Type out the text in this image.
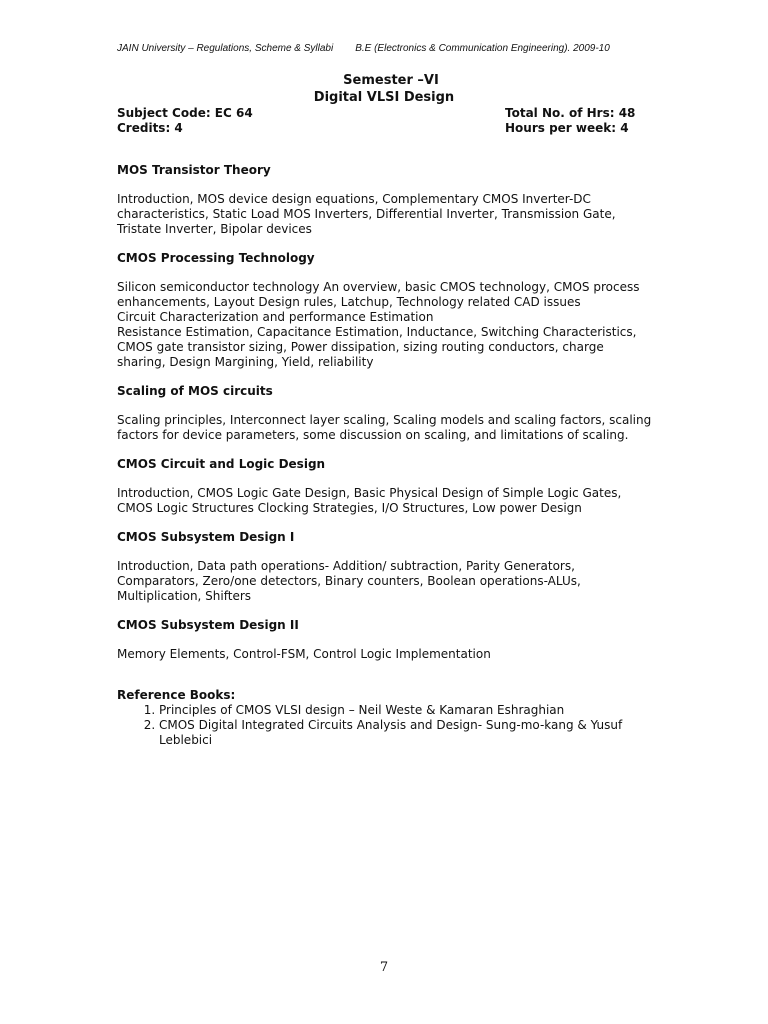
JAIN University – Regulations, Scheme & Syllabi B.E (Electronics & Communication Engineering). 2009-10
Semester –VI
Digital VLSI Design
Subject Code: EC 64	Total No. of Hrs: 48
Credits: 4	Hours per week: 4
MOS Transistor Theory
Introduction, MOS device design equations, Complementary CMOS Inverter-DC
characteristics, Static Load MOS Inverters, Differential Inverter, Transmission Gate,
Tristate Inverter, Bipolar devices
CMOS Processing Technology
Silicon semiconductor technology An overview, basic CMOS technology, CMOS process
enhancements, Layout Design rules, Latchup, Technology related CAD issues
Circuit Characterization and performance Estimation
Resistance Estimation, Capacitance Estimation, Inductance, Switching Characteristics,
CMOS gate transistor sizing, Power dissipation, sizing routing conductors, charge
sharing, Design Margining, Yield, reliability
Scaling of MOS circuits
Scaling principles, Interconnect layer scaling, Scaling models and scaling factors, scaling
factors for device parameters, some discussion on scaling, and limitations of scaling.
CMOS Circuit and Logic Design
Introduction, CMOS Logic Gate Design, Basic Physical Design of Simple Logic Gates,
CMOS Logic Structures Clocking Strategies, I/O Structures, Low power Design
CMOS Subsystem Design I
Introduction, Data path operations- Addition/ subtraction, Parity Generators,
Comparators, Zero/one detectors, Binary counters, Boolean operations-ALUs,
Multiplication, Shifters
CMOS Subsystem Design II
Memory Elements, Control-FSM, Control Logic Implementation
Reference Books:
1. Principles of CMOS VLSI design – Neil Weste & Kamaran Eshraghian
2. CMOS Digital Integrated Circuits Analysis and Design- Sung-mo-kang & Yusuf Leblebici
7
